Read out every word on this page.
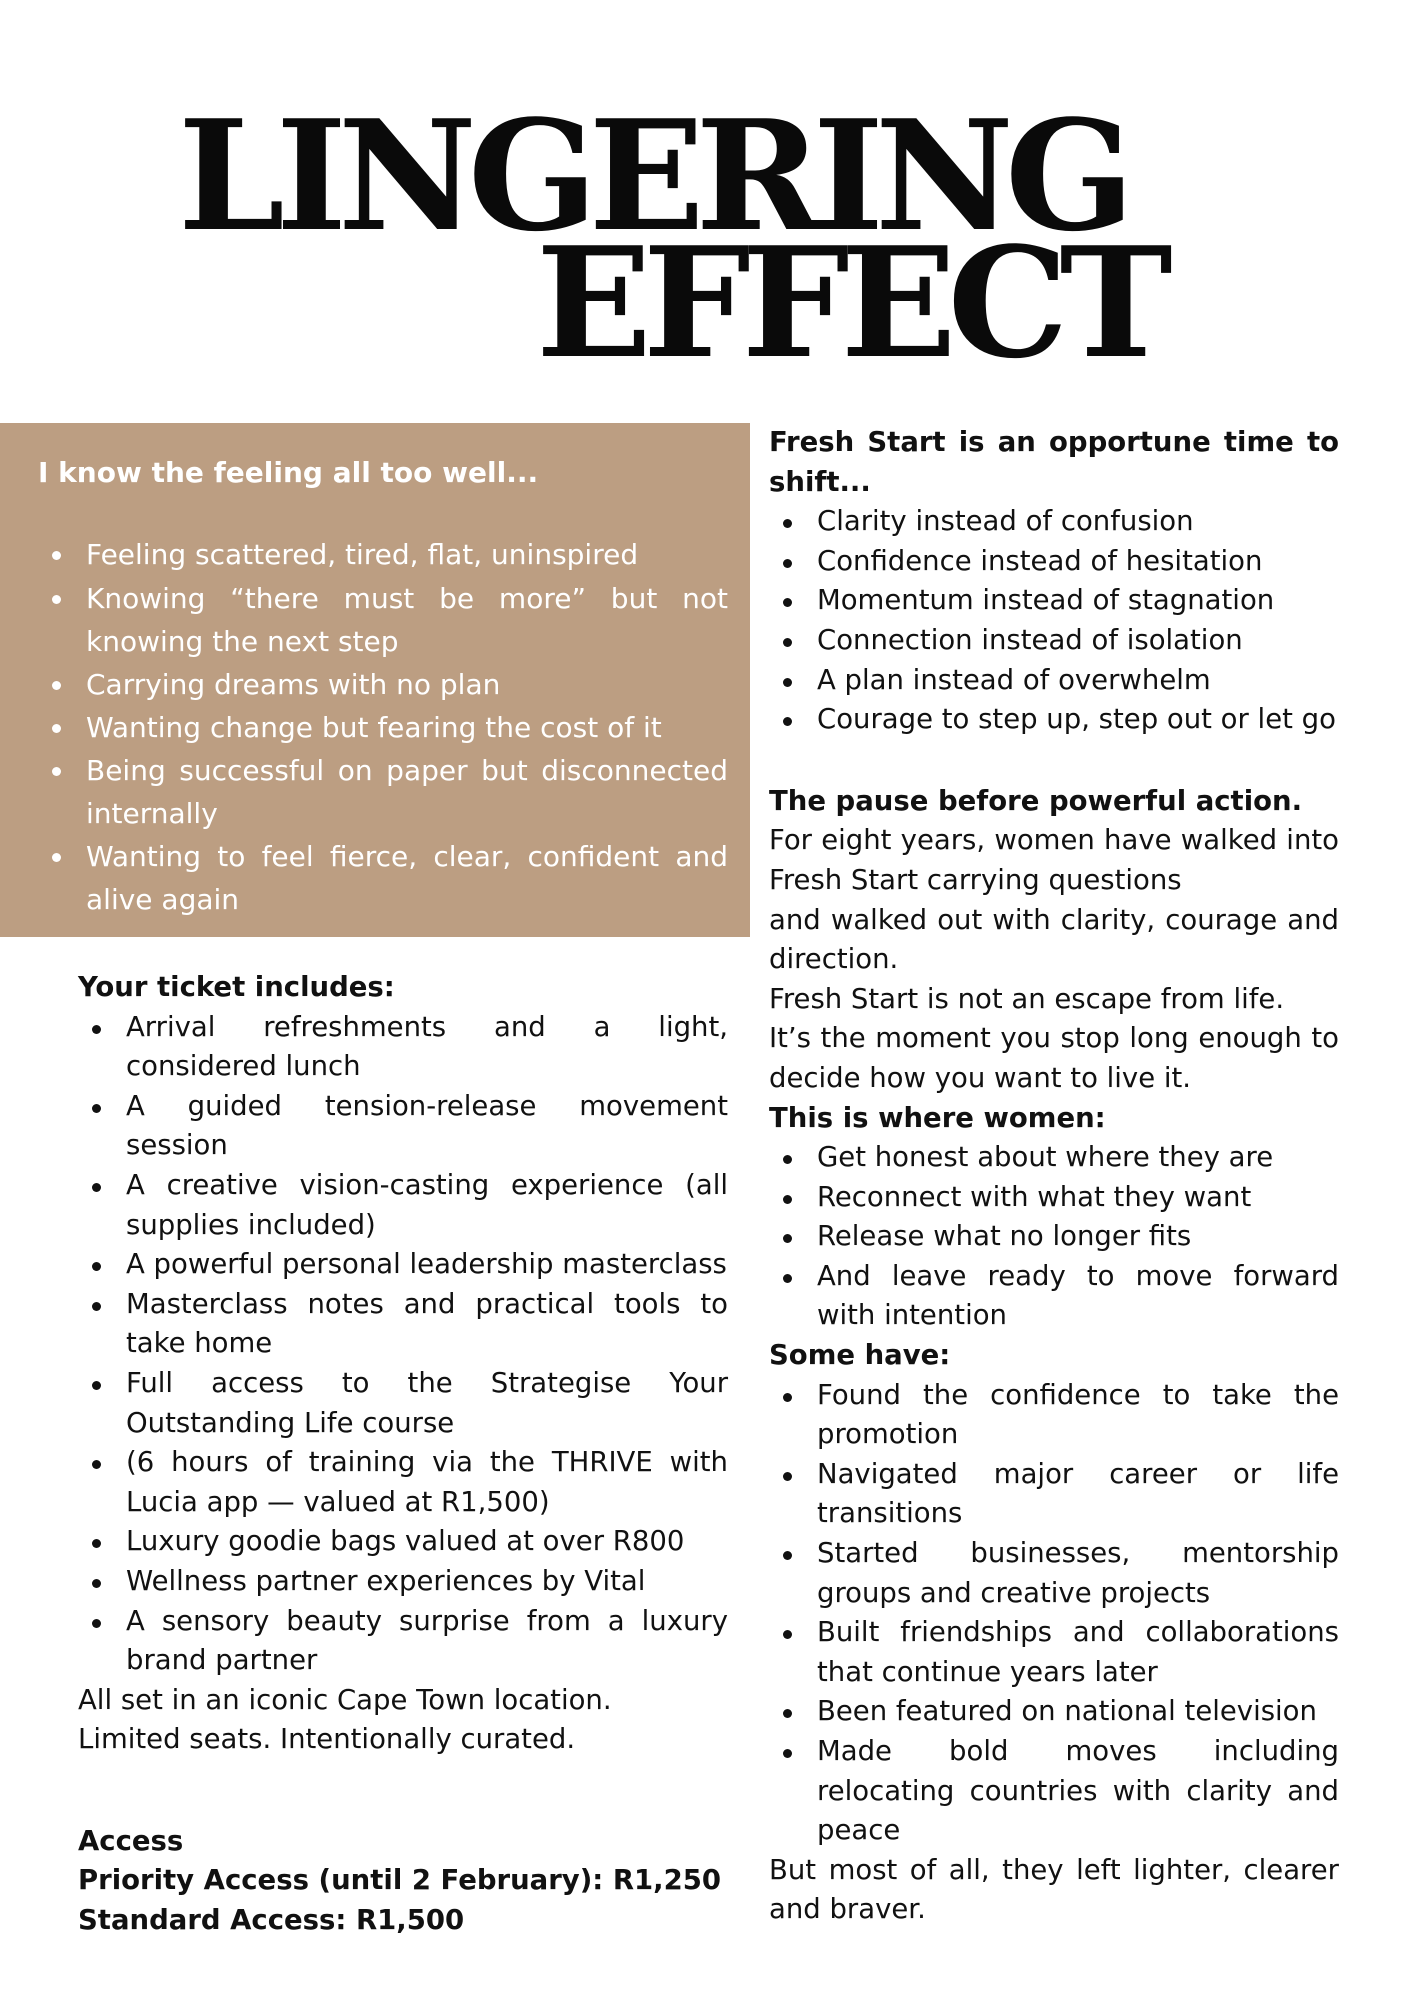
LINGERING
EFFECT
I know the feeling all too well...
Feeling scattered, tired, flat, uninspired
Knowing “there must be more” but not knowing the next step
Carrying dreams with no plan
Wanting change but fearing the cost of it
Being successful on paper but disconnected internally
Wanting to feel fierce, clear, confident and alive again

Your ticket includes:

Arrival refreshments and a light, considered lunch
A guided tension-release movement session
A creative vision-casting experience (all supplies included)
A powerful personal leadership masterclass
Masterclass notes and practical tools to take home
Full access to the Strategise Your Outstanding Life course
(6 hours of training via the THRIVE with Lucia app — valued at R1,500)
Luxury goodie bags valued at over R800
Wellness partner experiences by Vital
A sensory beauty surprise from a luxury brand partner

All set in an iconic Cape Town location.

Limited seats. Intentionally curated.

Access

Priority Access (until 2 February): R1,250

Standard Access: R1,500

Fresh Start is an opportune time to shift...

Clarity instead of confusion
Confidence instead of hesitation
Momentum instead of stagnation
Connection instead of isolation
A plan instead of overwhelm
Courage to step up, step out or let go

The pause before powerful action.

For eight years, women have walked into Fresh Start carrying questions

and walked out with clarity, courage and direction.

Fresh Start is not an escape from life.

It’s the moment you stop long enough to decide how you want to live it.

This is where women:

Get honest about where they are
Reconnect with what they want
Release what no longer fits
And leave ready to move forward with intention

Some have:

Found the confidence to take the promotion
Navigated major career or life transitions
Started businesses, mentorship groups and creative projects
Built friendships and collaborations that continue years later
Been featured on national television
Made bold moves including relocating countries with clarity and peace

But most of all, they left lighter, clearer and braver.
